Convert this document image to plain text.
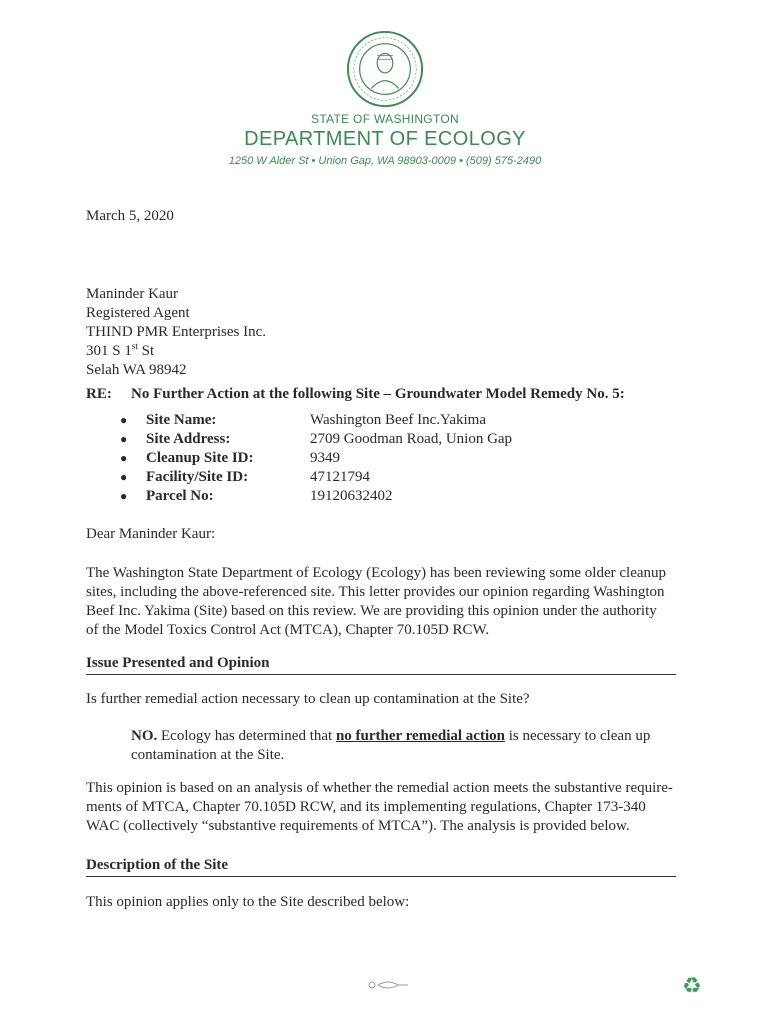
STATE OF WASHINGTON
DEPARTMENT OF ECOLOGY
1250 W Alder St • Union Gap, WA 98903-0009 • (509) 575-2490
March 5, 2020
Maninder Kaur
Registered Agent
THIND PMR Enterprises Inc.
301 S 1st St
Selah WA 98942
RE: No Further Action at the following Site – Groundwater Model Remedy No. 5:
● Site Name:	Washington Beef Inc.Yakima
● Site Address:	2709 Goodman Road, Union Gap
● Cleanup Site ID:	9349
● Facility/Site ID:	47121794
● Parcel No:	19120632402
Dear Maninder Kaur:
The Washington State Department of Ecology (Ecology) has been reviewing some older cleanup
sites, including the above-referenced site. This letter provides our opinion regarding Washington
Beef Inc. Yakima (Site) based on this review. We are providing this opinion under the authority
of the Model Toxics Control Act (MTCA), Chapter 70.105D RCW.
Issue Presented and Opinion
Is further remedial action necessary to clean up contamination at the Site?
NO. Ecology has determined that no further remedial action is necessary to clean up
contamination at the Site.
This opinion is based on an analysis of whether the remedial action meets the substantive require-
ments of MTCA, Chapter 70.105D RCW, and its implementing regulations, Chapter 173-340
WAC (collectively “substantive requirements of MTCA”). The analysis is provided below.
Description of the Site
This opinion applies only to the Site described below:
♻
